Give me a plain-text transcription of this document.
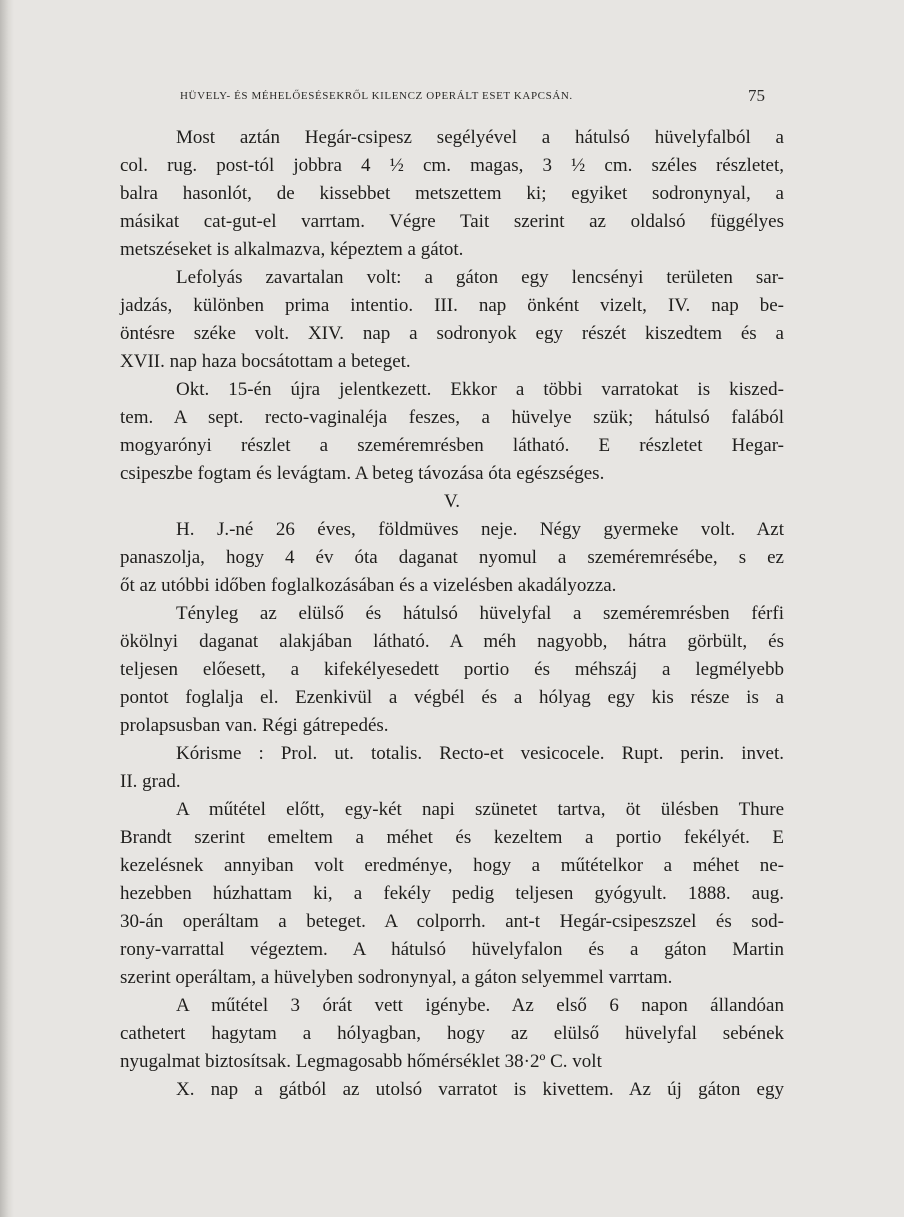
HÜVELY- ÉS MÉHELŐESÉSEKRŐL KILENCZ OPERÁLT ESET KAPCSÁN.	75
Most aztán Hegár-csipesz segélyével a hátulsó hüvelyfalból a
col. rug. post-tól jobbra 4 ½ cm. magas, 3 ½ cm. széles részletet,
balra hasonlót, de kissebbet metszettem ki; egyiket sodronynyal, a
másikat cat-gut-el varrtam. Végre Tait szerint az oldalsó függélyes
metszéseket is alkalmazva, képeztem a gátot.
Lefolyás zavartalan volt: a gáton egy lencsényi területen sar-
jadzás, különben prima intentio. III. nap önként vizelt, IV. nap be-
öntésre széke volt. XIV. nap a sodronyok egy részét kiszedtem és a
XVII. nap haza bocsátottam a beteget.
Okt. 15-én újra jelentkezett. Ekkor a többi varratokat is kiszed-
tem. A sept. recto-vaginaléja feszes, a hüvelye szük; hátulsó falából
mogyarónyi részlet a szeméremrésben látható. E részletet Hegar-
csipeszbe fogtam és levágtam. A beteg távozása óta egészséges.
V.
H. J.-né 26 éves, földmüves neje. Négy gyermeke volt. Azt
panaszolja, hogy 4 év óta daganat nyomul a szeméremrésébe, s ez
őt az utóbbi időben foglalkozásában és a vizelésben akadályozza.
Tényleg az elülső és hátulsó hüvelyfal a szeméremrésben férfi
ökölnyi daganat alakjában látható. A méh nagyobb, hátra görbült, és
teljesen előesett, a kifekélyesedett portio és méhszáj a legmélyebb
pontot foglalja el. Ezenkivül a végbél és a hólyag egy kis része is a
prolapsusban van. Régi gátrepedés.
Kórisme : Prol. ut. totalis. Recto-et vesicocele. Rupt. perin. invet.
II. grad.
A műtétel előtt, egy-két napi szünetet tartva, öt ülésben Thure
Brandt szerint emeltem a méhet és kezeltem a portio fekélyét. E
kezelésnek annyiban volt eredménye, hogy a műtételkor a méhet ne-
hezebben húzhattam ki, a fekély pedig teljesen gyógyult. 1888. aug.
30-án operáltam a beteget. A colporrh. ant-t Hegár-csipeszszel és sod-
rony-varrattal végeztem. A hátulsó hüvelyfalon és a gáton Martin
szerint operáltam, a hüvelyben sodronynyal, a gáton selyemmel varrtam.
A műtétel 3 órát vett igénybe. Az első 6 napon állandóan
cathetert hagytam a hólyagban, hogy az elülső hüvelyfal sebének
nyugalmat biztosítsak. Legmagosabb hőmérséklet 38·2º C. volt
X. nap a gátból az utolsó varratot is kivettem. Az új gáton egy
